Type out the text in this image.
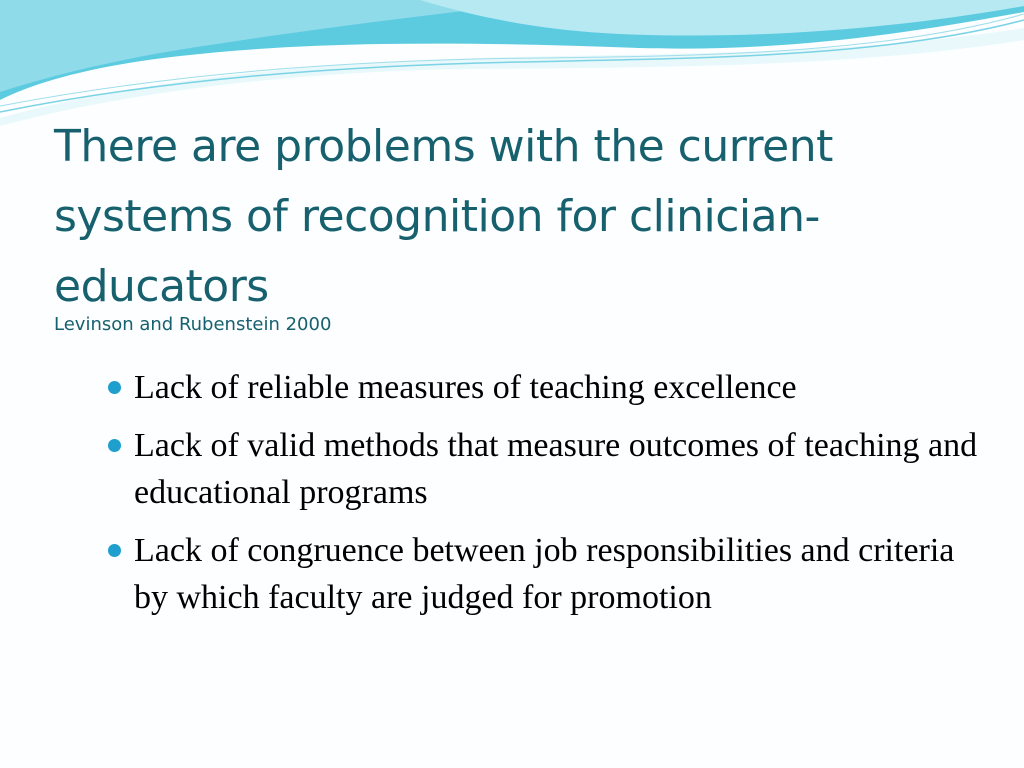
There are problems with the current systems of recognition for clinician-educators
Levinson and Rubenstein 2000
Lack of reliable measures of teaching excellence
Lack of valid methods that measure outcomes of teaching and educational programs
Lack of congruence between job responsibilities and criteria by which faculty are judged for promotion
